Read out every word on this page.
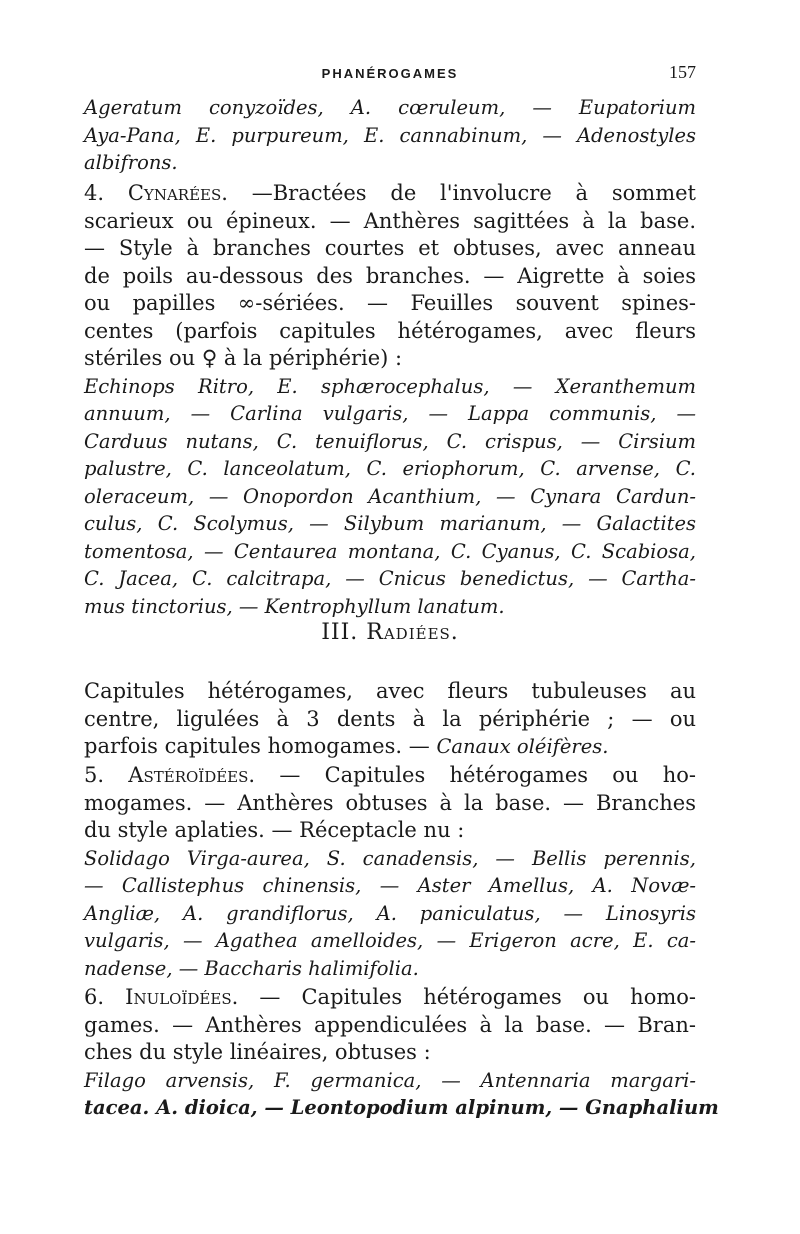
PHANÉROGAMES	157
Ageratum conyzoïdes, A. cœruleum, — Eupatorium
Aya-Pana, E. purpureum, E. cannabinum, — Adenostyles
albifrons.
4. Cynarées. —Bractées de l'involucre à sommet
scarieux ou épineux. — Anthères sagittées à la base.
— Style à branches courtes et obtuses, avec anneau
de poils au-dessous des branches. — Aigrette à soies
ou papilles ∞-sériées. — Feuilles souvent spines-
centes (parfois capitules hétérogames, avec fleurs
stériles ou ♀ à la périphérie) :
Echinops Ritro, E. sphærocephalus, — Xeranthemum
annuum, — Carlina vulgaris, — Lappa communis, —
Carduus nutans, C. tenuiflorus, C. crispus, — Cirsium
palustre, C. lanceolatum, C. eriophorum, C. arvense, C.
oleraceum, — Onopordon Acanthium, — Cynara Cardun-
culus, C. Scolymus, — Silybum marianum, — Galactites
tomentosa, — Centaurea montana, C. Cyanus, C. Scabiosa,
C. Jacea, C. calcitrapa, — Cnicus benedictus, — Cartha-
mus tinctorius, — Kentrophyllum lanatum.
III. Radiées.
Capitules hétérogames, avec fleurs tubuleuses au
centre, ligulées à 3 dents à la périphérie ; — ou
parfois capitules homogames. — Canaux oléifères.
5. Astéroïdées. — Capitules hétérogames ou ho-
mogames. — Anthères obtuses à la base. — Branches
du style aplaties. — Réceptacle nu :
Solidago Virga-aurea, S. canadensis, — Bellis perennis,
— Callistephus chinensis, — Aster Amellus, A. Novæ-
Angliæ, A. grandiflorus, A. paniculatus, — Linosyris
vulgaris, — Agathea amelloides, — Erigeron acre, E. ca-
nadense, — Baccharis halimifolia.
6. Inuloïdées. — Capitules hétérogames ou homo-
games. — Anthères appendiculées à la base. — Bran-
ches du style linéaires, obtuses :
Filago arvensis, F. germanica, — Antennaria margari-
tacea. A. dioica, — Leontopodium alpinum, — Gnaphalium
